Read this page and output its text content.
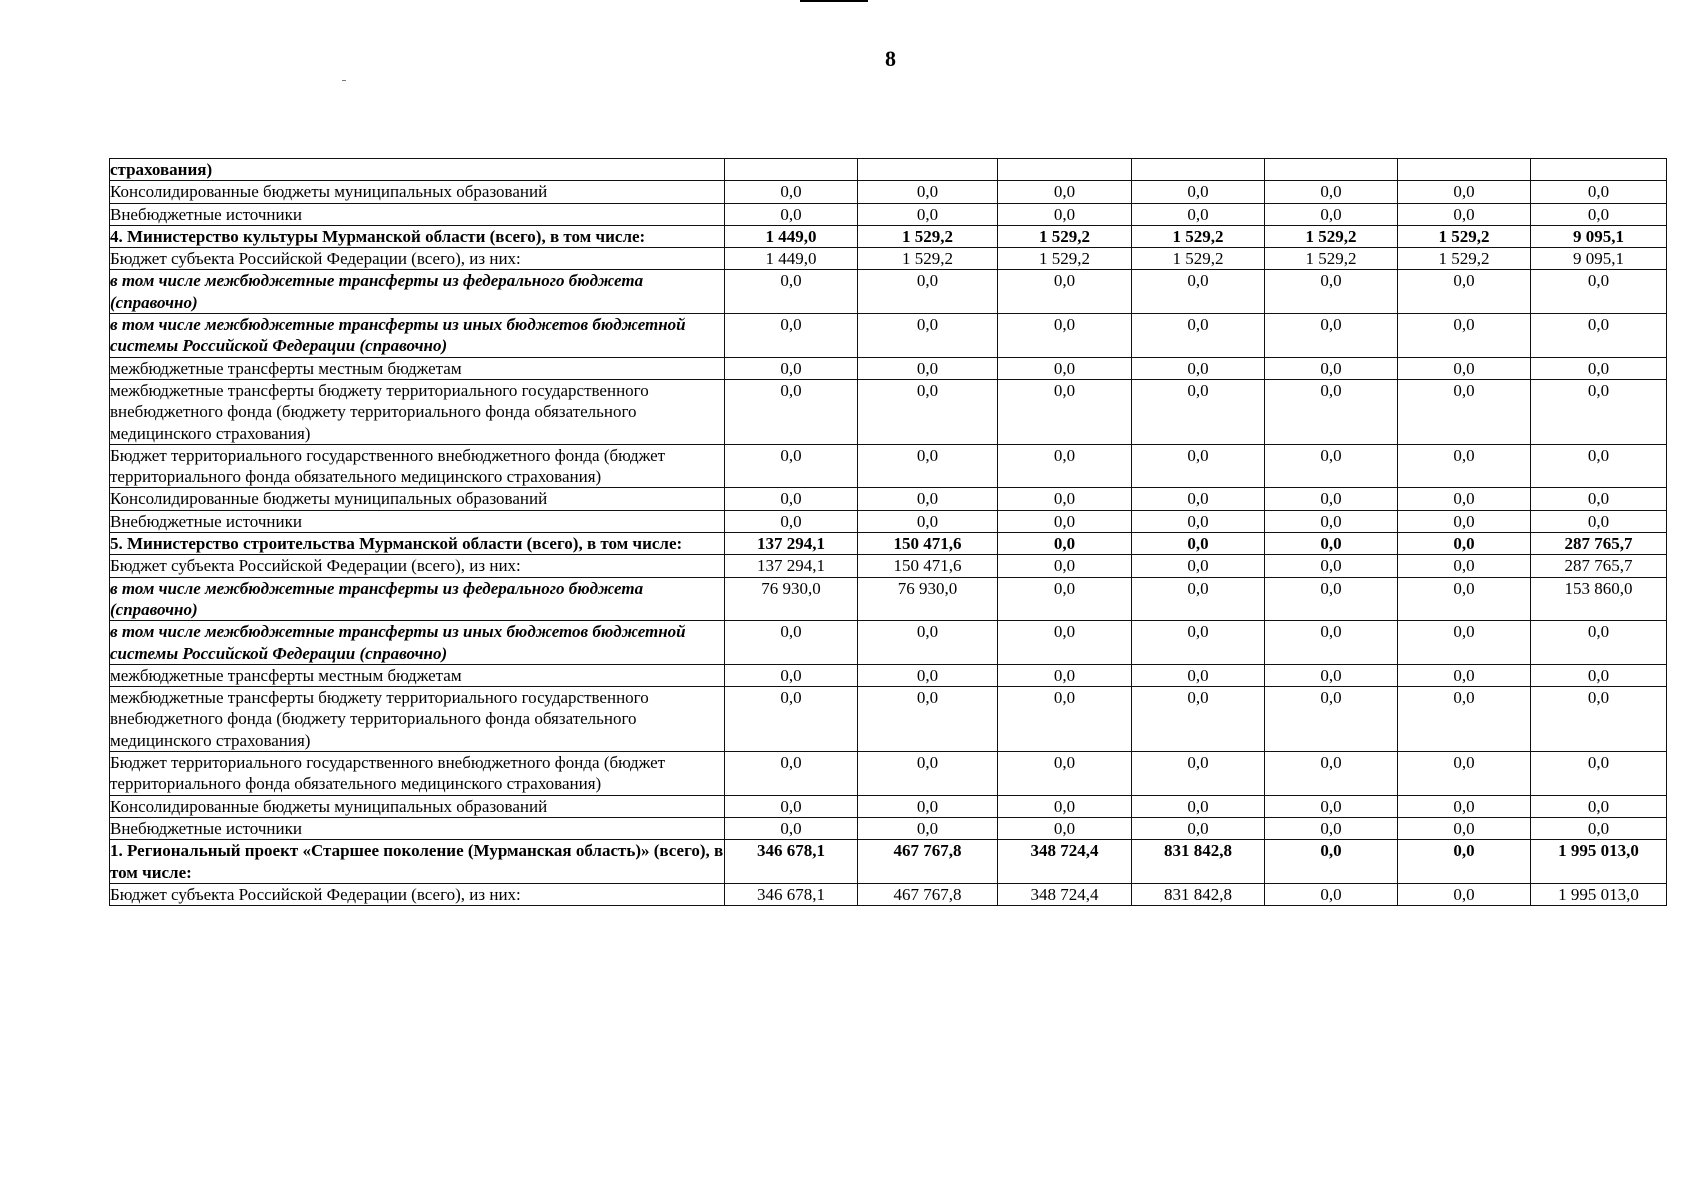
8
страхования)							
Консолидированные бюджеты муниципальных образований	0,0	0,0	0,0	0,0	0,0	0,0	0,0
Внебюджетные источники	0,0	0,0	0,0	0,0	0,0	0,0	0,0
4. Министерство культуры Мурманской области (всего), в том числе:	1 449,0	1 529,2	1 529,2	1 529,2	1 529,2	1 529,2	9 095,1
Бюджет субъекта Российской Федерации (всего), из них:	1 449,0	1 529,2	1 529,2	1 529,2	1 529,2	1 529,2	9 095,1
в том числе межбюджетные трансферты из федерального бюджета (справочно)	0,0	0,0	0,0	0,0	0,0	0,0	0,0
в том числе межбюджетные трансферты из иных бюджетов бюджетной системы Российской Федерации (справочно)	0,0	0,0	0,0	0,0	0,0	0,0	0,0
межбюджетные трансферты местным бюджетам	0,0	0,0	0,0	0,0	0,0	0,0	0,0
межбюджетные трансферты бюджету территориального государственного внебюджетного фонда (бюджету территориального фонда обязательного медицинского страхования)	0,0	0,0	0,0	0,0	0,0	0,0	0,0
Бюджет территориального государственного внебюджетного фонда (бюджет территориального фонда обязательного медицинского страхования)	0,0	0,0	0,0	0,0	0,0	0,0	0,0
Консолидированные бюджеты муниципальных образований	0,0	0,0	0,0	0,0	0,0	0,0	0,0
Внебюджетные источники	0,0	0,0	0,0	0,0	0,0	0,0	0,0
5. Министерство строительства Мурманской области (всего), в том числе:	137 294,1	150 471,6	0,0	0,0	0,0	0,0	287 765,7
Бюджет субъекта Российской Федерации (всего), из них:	137 294,1	150 471,6	0,0	0,0	0,0	0,0	287 765,7
в том числе межбюджетные трансферты из федерального бюджета (справочно)	76 930,0	76 930,0	0,0	0,0	0,0	0,0	153 860,0
в том числе межбюджетные трансферты из иных бюджетов бюджетной системы Российской Федерации (справочно)	0,0	0,0	0,0	0,0	0,0	0,0	0,0
межбюджетные трансферты местным бюджетам	0,0	0,0	0,0	0,0	0,0	0,0	0,0
межбюджетные трансферты бюджету территориального государственного внебюджетного фонда (бюджету территориального фонда обязательного медицинского страхования)	0,0	0,0	0,0	0,0	0,0	0,0	0,0
Бюджет территориального государственного внебюджетного фонда (бюджет территориального фонда обязательного медицинского страхования)	0,0	0,0	0,0	0,0	0,0	0,0	0,0
Консолидированные бюджеты муниципальных образований	0,0	0,0	0,0	0,0	0,0	0,0	0,0
Внебюджетные источники	0,0	0,0	0,0	0,0	0,0	0,0	0,0
1. Региональный проект «Старшее поколение (Мурманская область)» (всего), в том числе:	346 678,1	467 767,8	348 724,4	831 842,8	0,0	0,0	1 995 013,0
Бюджет субъекта Российской Федерации (всего), из них:	346 678,1	467 767,8	348 724,4	831 842,8	0,0	0,0	1 995 013,0
